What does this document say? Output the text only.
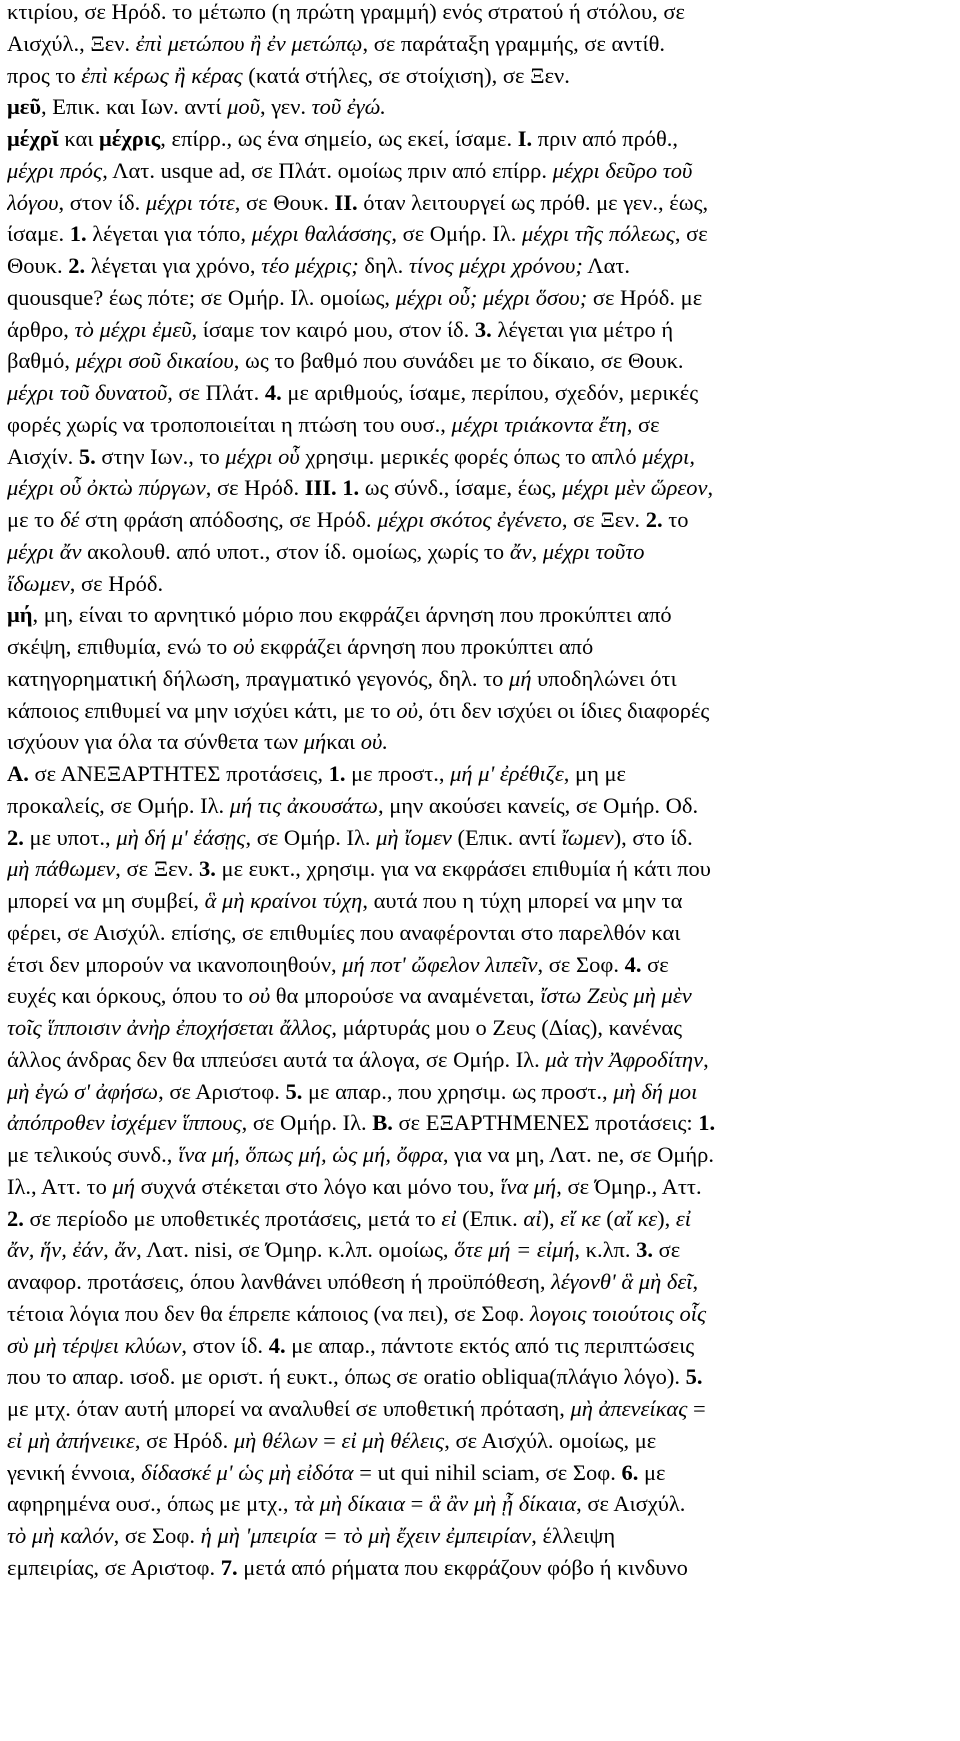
κτιρίου, σε Ηρόδ. το μέτωπο (η πρώτη γραμμή) ενός στρατού ή στόλου, σε
Αισχύλ., Ξεν. ἐπὶ μετώπου ἢ ἐν μετώπῳ, σε παράταξη γραμμής, σε αντίθ.
προς το ἐπὶ κέρως ἢ κέρας (κατά στήλες, σε στοίχιση), σε Ξεν.
μεῦ, Επικ. και Ιων. αντί μοῦ, γεν. τοῦ ἐγώ.
μέχρῐ και μέχρις, επίρρ., ως ένα σημείο, ως εκεί, ίσαμε. I. πριν από πρόθ.,
μέχρι πρός, Λατ. usque ad, σε Πλάτ. ομοίως πριν από επίρρ. μέχρι δεῦρο τοῦ
λόγου, στον ίδ. μέχρι τότε, σε Θουκ. II. όταν λειτουργεί ως πρόθ. με γεν., έως,
ίσαμε. 1. λέγεται για τόπο, μέχρι θαλάσσης, σε Ομήρ. Ιλ. μέχρι τῆς πόλεως, σε
Θουκ. 2. λέγεται για χρόνο, τέο μέχρις; δηλ. τίνος μέχρι χρόνου; Λατ.
quousque? έως πότε; σε Ομήρ. Ιλ. ομοίως, μέχρι οὗ; μέχρι ὅσου; σε Ηρόδ. με
άρθρο, τὸ μέχρι ἐμεῦ, ίσαμε τον καιρό μου, στον ίδ. 3. λέγεται για μέτρο ή
βαθμό, μέχρι σοῦ δικαίου, ως το βαθμό που συνάδει με το δίκαιο, σε Θουκ.
μέχρι τοῦ δυνατοῦ, σε Πλάτ. 4. με αριθμούς, ίσαμε, περίπου, σχεδόν, μερικές
φορές χωρίς να τροποποιείται η πτώση του ουσ., μέχρι τριάκοντα ἔτη, σε
Αισχίν. 5. στην Ιων., το μέχρι οὗ χρησιμ. μερικές φορές όπως το απλό μέχρι,
μέχρι οὗ ὀκτὼ πύργων, σε Ηρόδ. III. 1. ως σύνδ., ίσαμε, έως, μέχρι μὲν ὥρεον,
με το δέ στη φράση απόδοσης, σε Ηρόδ. μέχρι σκότος ἐγένετο, σε Ξεν. 2. το
μέχρι ἄν ακολουθ. από υποτ., στον ίδ. ομοίως, χωρίς το ἄν, μέχρι τοῦτο
ἴδωμεν, σε Ηρόδ.
μή, μη, είναι το αρνητικό μόριο που εκφράζει άρνηση που προκύπτει από
σκέψη, επιθυμία, ενώ το οὐ εκφράζει άρνηση που προκύπτει από
κατηγορηματική δήλωση, πραγματικό γεγονός, δηλ. το μή υποδηλώνει ότι
κάποιος επιθυμεί να μην ισχύει κάτι, με το οὐ, ότι δεν ισχύει οι ίδιες διαφορές
ισχύουν για όλα τα σύνθετα των μήκαι οὐ.
A. σε ΑΝΕΞΑΡΤΗΤΕΣ προτάσεις, 1. με προστ., μή μ' ἐρέθιζε, μη με
προκαλείς, σε Ομήρ. Ιλ. μή τις ἀκουσάτω, μην ακούσει κανείς, σε Ομήρ. Οδ.
2. με υποτ., μὴ δή μ' ἐάσῃς, σε Ομήρ. Ιλ. μὴ ἴομεν (Επικ. αντί ἴωμεν), στο ίδ.
μὴ πάθωμεν, σε Ξεν. 3. με ευκτ., χρησιμ. για να εκφράσει επιθυμία ή κάτι που
μπορεί να μη συμβεί, ἃ μὴ κραίνοι τύχη, αυτά που η τύχη μπορεί να μην τα
φέρει, σε Αισχύλ. επίσης, σε επιθυμίες που αναφέρονται στο παρελθόν και
έτσι δεν μπορούν να ικανοποιηθούν, μή ποτ' ὤφελον λιπεῖν, σε Σοφ. 4. σε
ευχές και όρκους, όπου το οὐ θα μπορούσε να αναμένεται, ἴστω Ζεὺς μὴ μὲν
τοῖς ἵπποισιν ἀνὴρ ἐποχήσεται ἄλλος, μάρτυράς μου ο Ζευς (Δίας), κανένας
άλλος άνδρας δεν θα ιππεύσει αυτά τα άλογα, σε Ομήρ. Ιλ. μὰ τὴν Ἀφροδίτην,
μὴ ἐγώ σ' ἀφήσω, σε Αριστοφ. 5. με απαρ., που χρησιμ. ως προστ., μὴ δή μοι
ἀπόπροθεν ἰσχέμεν ἵππους, σε Ομήρ. Ιλ. B. σε ΕΞΑΡΤΗΜΕΝΕΣ προτάσεις: 1.
με τελικούς συνδ., ἵνα μή, ὅπως μή, ὡς μή, ὄφρα, για να μη, Λατ. ne, σε Ομήρ.
Ιλ., Αττ. το μή συχνά στέκεται στο λόγο και μόνο του, ἵνα μή, σε Όμηρ., Αττ.
2. σε περίοδο με υποθετικές προτάσεις, μετά το εἰ (Επικ. αἰ), εἴ κε (αἴ κε), εἰ
ἄν, ἥν, ἐάν, ἄν, Λατ. nisi, σε Όμηρ. κ.λπ. ομοίως, ὅτε μή = εἰμή, κ.λπ. 3. σε
αναφορ. προτάσεις, όπου λανθάνει υπόθεση ή προϋπόθεση, λέγονθ' ἃ μὴ δεῖ,
τέτοια λόγια που δεν θα έπρεπε κάποιος (να πει), σε Σοφ. λογοις τοιούτοις οἷς
σὺ μὴ τέρψει κλύων, στον ίδ. 4. με απαρ., πάντοτε εκτός από τις περιπτώσεις
που το απαρ. ισοδ. με οριστ. ή ευκτ., όπως σε oratio obliqua(πλάγιο λόγο). 5.
με μτχ. όταν αυτή μπορεί να αναλυθεί σε υποθετική πρόταση, μὴ ἀπενείκας =
εἰ μὴ ἀπήνεικε, σε Ηρόδ. μὴ θέλων = εἰ μὴ θέλεις, σε Αισχύλ. ομοίως, με
γενική έννοια, δίδασκέ μ' ὡς μὴ εἰδότα = ut qui nihil sciam, σε Σοφ. 6. με
αφηρημένα ουσ., όπως με μτχ., τὰ μὴ δίκαια = ἃ ἂν μὴ ᾖ δίκαια, σε Αισχύλ.
τὸ μὴ καλόν, σε Σοφ. ἡ μὴ 'μπειρία = τὸ μὴ ἔχειν ἐμπειρίαν, έλλειψη
εμπειρίας, σε Αριστοφ. 7. μετά από ρήματα που εκφράζουν φόβο ή κινδυνο
